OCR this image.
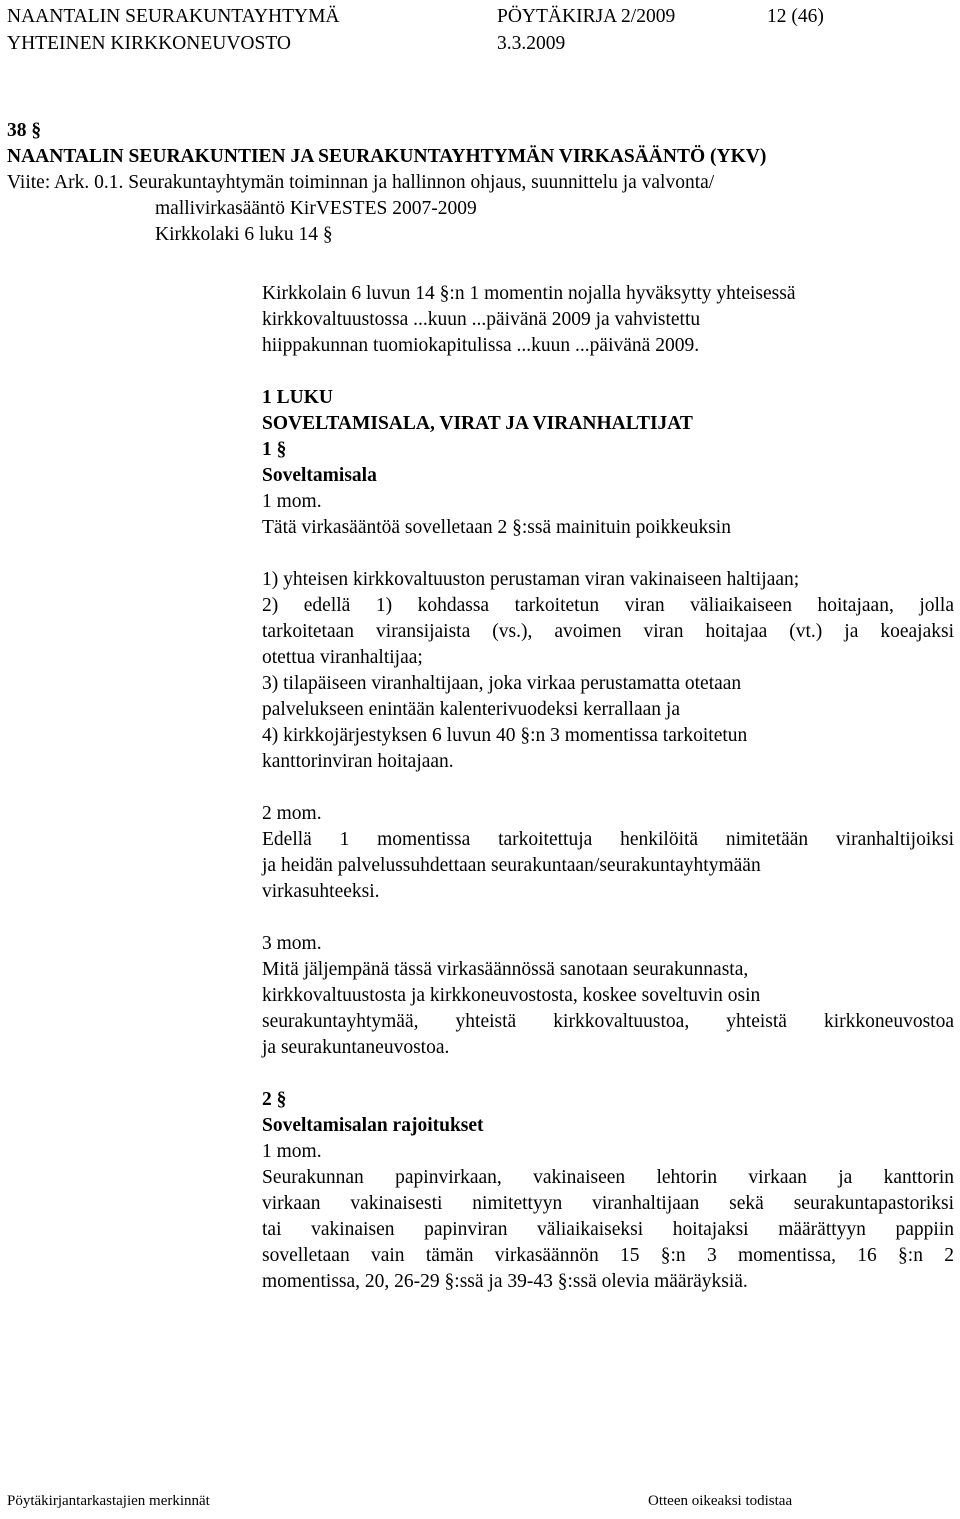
NAANTALIN SEURAKUNTAYHTYMÄ	PÖYTÄKIRJA 2/2009	12 (46)
YHTEINEN KIRKKONEUVOSTO	3.3.2009
38 §
NAANTALIN SEURAKUNTIEN JA SEURAKUNTAYHTYMÄN VIRKASÄÄNTÖ (YKV)
Viite: Ark. 0.1. Seurakuntayhtymän toiminnan ja hallinnon ohjaus, suunnittelu ja valvonta/
mallivirkasääntö KirVESTES 2007-2009
Kirkkolaki 6 luku 14 §
Kirkkolain 6 luvun 14 §:n 1 momentin nojalla hyväksytty yhteisessä
kirkkovaltuustossa ...kuun ...päivänä 2009 ja vahvistettu
hiippakunnan tuomiokapitulissa ...kuun ...päivänä 2009.
1 LUKU
SOVELTAMISALA, VIRAT JA VIRANHALTIJAT
1 §
Soveltamisala
1 mom.
Tätä virkasääntöä sovelletaan 2 §:ssä mainituin poikkeuksin
1) yhteisen kirkkovaltuuston perustaman viran vakinaiseen haltijaan;
2) edellä 1) kohdassa tarkoitetun viran väliaikaiseen hoitajaan, jolla
tarkoitetaan viransijaista (vs.), avoimen viran hoitajaa (vt.) ja koeajaksi
otettua viranhaltijaa;
3) tilapäiseen viranhaltijaan, joka virkaa perustamatta otetaan
palvelukseen enintään kalenterivuodeksi kerrallaan ja
4) kirkkojärjestyksen 6 luvun 40 §:n 3 momentissa tarkoitetun
kanttorinviran hoitajaan.
2 mom.
Edellä 1 momentissa tarkoitettuja henkilöitä nimitetään viranhaltijoiksi
ja heidän palvelussuhdettaan seurakuntaan/seurakuntayhtymään
virkasuhteeksi.
3 mom.
Mitä jäljempänä tässä virkasäännössä sanotaan seurakunnasta,
kirkkovaltuustosta ja kirkkoneuvostosta, koskee soveltuvin osin
seurakuntayhtymää, yhteistä kirkkovaltuustoa, yhteistä kirkkoneuvostoa
ja seurakuntaneuvostoa.
2 §
Soveltamisalan rajoitukset
1 mom.
Seurakunnan papinvirkaan, vakinaiseen lehtorin virkaan ja kanttorin
virkaan vakinaisesti nimitettyyn viranhaltijaan sekä seurakuntapastoriksi
tai vakinaisen papinviran väliaikaiseksi hoitajaksi määrättyyn pappiin
sovelletaan vain tämän virkasäännön 15 §:n 3 momentissa, 16 §:n 2
momentissa, 20, 26-29 §:ssä ja 39-43 §:ssä olevia määräyksiä.
Pöytäkirjantarkastajien merkinnät	Otteen oikeaksi todistaa
